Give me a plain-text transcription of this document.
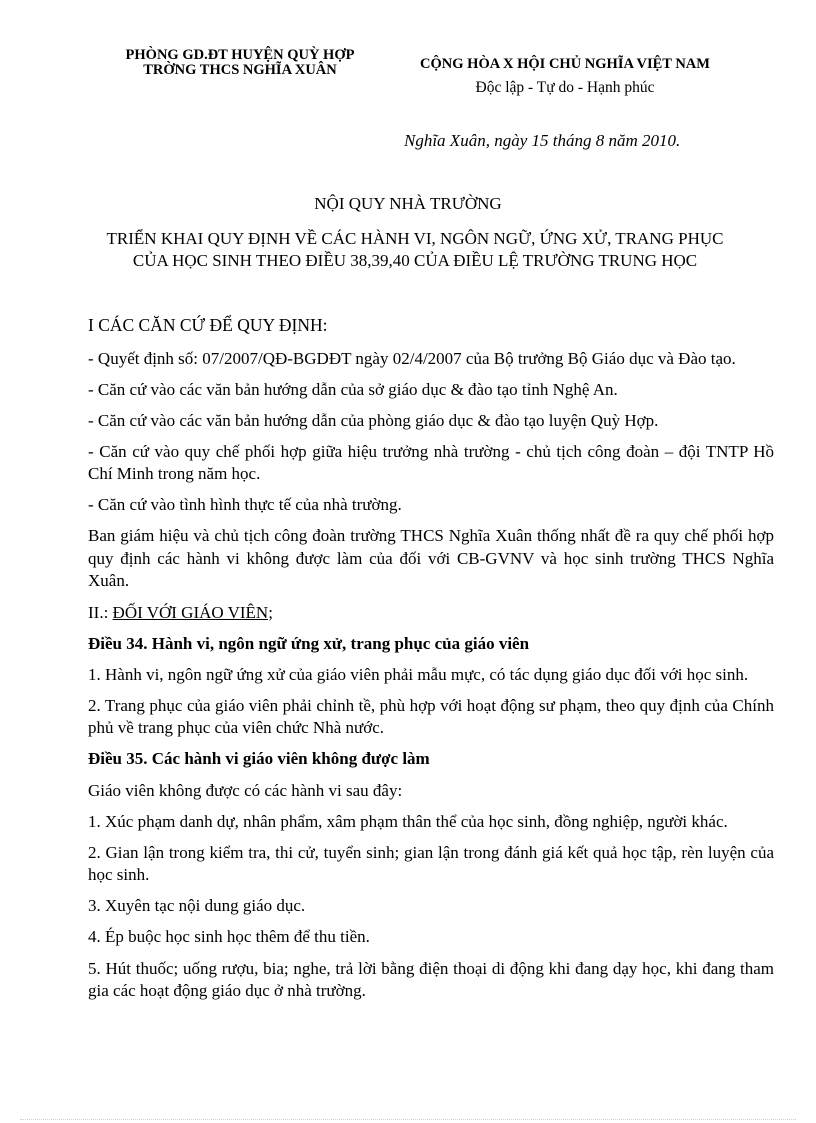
PHÒNG GD.ĐT HUYỆN QUỲ HỢP
TRỜNG THCS NGHĨA XUÂN	CỘNG HÒA X HỘI CHỦ NGHĨA VIỆT NAM
Độc lập - Tự do - Hạnh phúc
Nghĩa Xuân, ngày 15 tháng 8 năm 2010.
NỘI QUY NHÀ TRƯỜNG
TRIỂN KHAI QUY ĐỊNH VỀ CÁC HÀNH VI, NGÔN NGỮ, ỨNG XỬ, TRANG PHỤC
CỦA HỌC SINH THEO ĐIỀU 38,39,40 CỦA ĐIỀU LỆ TRƯỜNG TRUNG HỌC

I CÁC CĂN CỨ ĐỂ QUY ĐỊNH:

- Quyết định số: 07/2007/QĐ-BGDĐT ngày 02/4/2007 của Bộ trưởng Bộ Giáo dục và Đào tạo.

- Căn cứ vào các văn bản hướng dẫn của sở giáo dục & đào tạo tỉnh Nghệ An.

- Căn cứ vào các văn bản hướng dẫn của phòng giáo dục & đào tạo luyện Quỳ Hợp.

- Căn cứ vào quy chế phối hợp giữa hiệu trưởng nhà trường - chủ tịch công đoàn – đội TNTP Hồ Chí Minh trong năm học.

- Căn cứ vào tình hình thực tế của nhà trường.

Ban giám hiệu và chủ tịch công đoàn trường THCS Nghĩa Xuân thống nhất đề ra quy chế phối hợp quy định các hành vi không được làm của đối với CB-GVNV và học sinh trường THCS Nghĩa Xuân.

II.: ĐỐI VỚI GIÁO VIÊN;

Điều 34. Hành vi, ngôn ngữ ứng xử, trang phục của giáo viên

1. Hành vi, ngôn ngữ ứng xử của giáo viên phải mẫu mực, có tác dụng giáo dục đối với học sinh.

2. Trang phục của giáo viên phải chỉnh tề, phù hợp với hoạt động sư phạm, theo quy định của Chính phủ về trang phục của viên chức Nhà nước.

Điều 35. Các hành vi giáo viên không được làm

Giáo viên không được có các hành vi sau đây:

1. Xúc phạm danh dự, nhân phẩm, xâm phạm thân thể của học sinh, đồng nghiệp, người khác.

2. Gian lận trong kiểm tra, thi cử, tuyển sinh; gian lận trong đánh giá kết quả học tập, rèn luyện của học sinh.

3. Xuyên tạc nội dung giáo dục.

4. Ép buộc học sinh học thêm để thu tiền.

5. Hút thuốc; uống rượu, bia; nghe, trả lời bằng điện thoại di động khi đang dạy học, khi đang tham gia các hoạt động giáo dục ở nhà trường.
